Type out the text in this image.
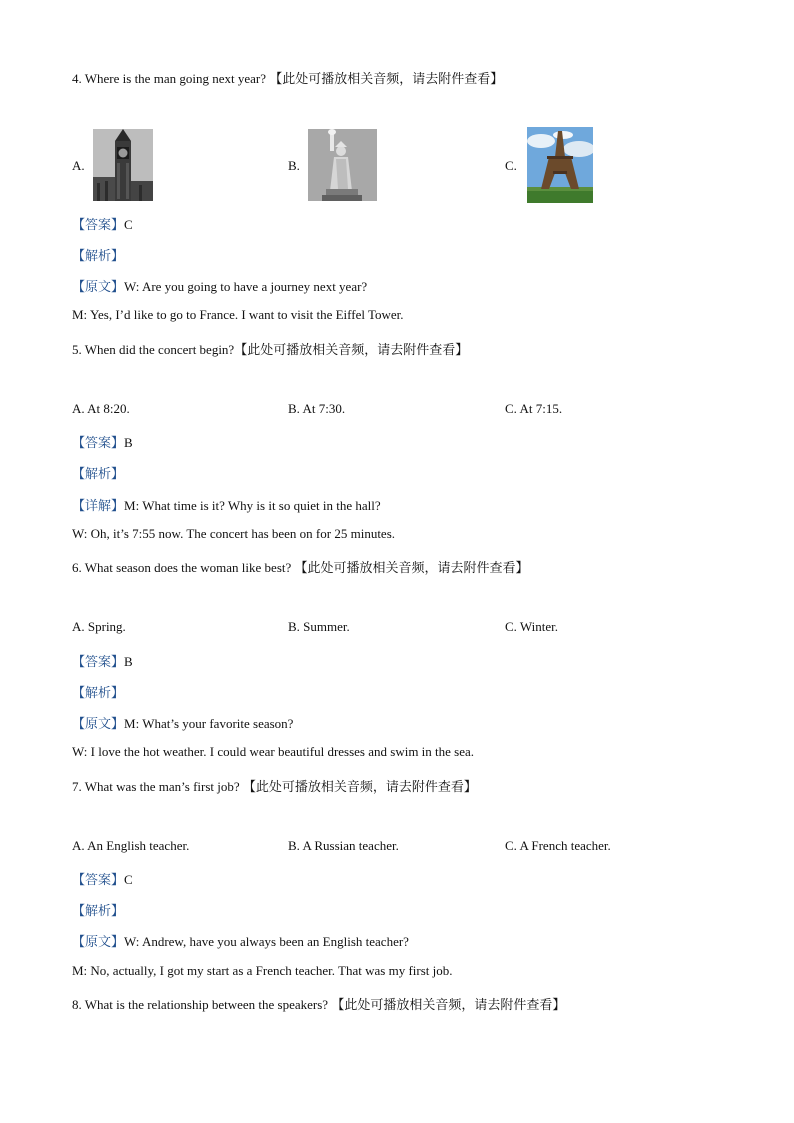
4. Where is the man going next year? 【此处可播放相关音频，请去附件查看】
A.	B.	C.
【答案】C
【解析】
【原文】W: Are you going to have a journey next year?
M: Yes, I’d like to go to France. I want to visit the Eiffel Tower.
5. When did the concert begin?【此处可播放相关音频，请去附件查看】
A. At 8:20.	B. At 7:30.	C. At 7:15.
【答案】B
【解析】
【详解】M: What time is it? Why is it so quiet in the hall?
W: Oh, it’s 7:55 now. The concert has been on for 25 minutes.
6. What season does the woman like best? 【此处可播放相关音频，请去附件查看】
A. Spring.	B. Summer.	C. Winter.
【答案】B
【解析】
【原文】M: What’s your favorite season?
W: I love the hot weather. I could wear beautiful dresses and swim in the sea.
7. What was the man’s first job? 【此处可播放相关音频，请去附件查看】
A. An English teacher.	B. A Russian teacher.	C. A French teacher.
【答案】C
【解析】
【原文】W: Andrew, have you always been an English teacher?
M: No, actually, I got my start as a French teacher. That was my first job.
8. What is the relationship between the speakers? 【此处可播放相关音频，请去附件查看】
